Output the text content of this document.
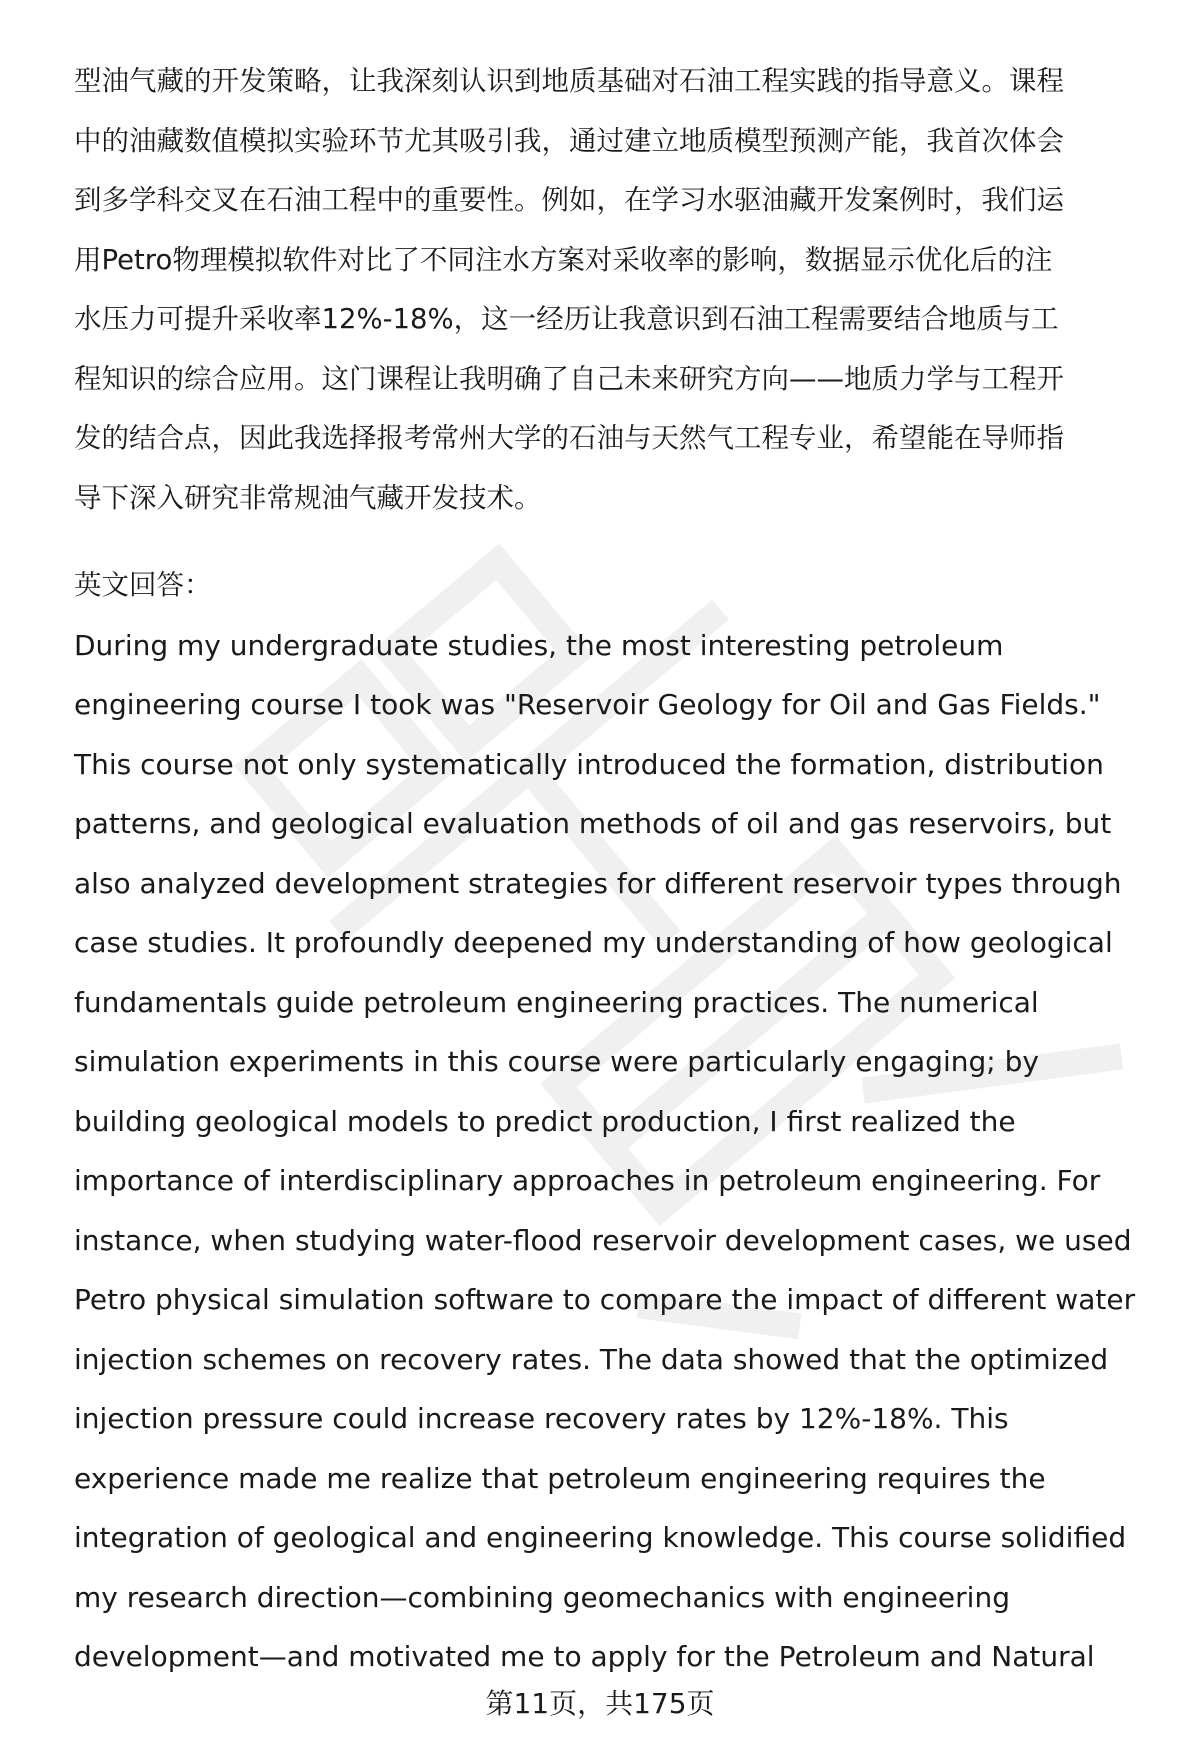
型油气藏的开发策略，让我深刻认识到地质基础对石油工程实践的指导意义。课程
中的油藏数值模拟实验环节尤其吸引我，通过建立地质模型预测产能，我首次体会
到多学科交叉在石油工程中的重要性。例如，在学习水驱油藏开发案例时，我们运
用Petro物理模拟软件对比了不同注水方案对采收率的影响，数据显示优化后的注
水压力可提升采收率12%-18%，这一经历让我意识到石油工程需要结合地质与工
程知识的综合应用。这门课程让我明确了自己未来研究方向——地质力学与工程开
发的结合点，因此我选择报考常州大学的石油与天然气工程专业，希望能在导师指
导下深入研究非常规油气藏开发技术。
英文回答：
During my undergraduate studies, the most interesting petroleum
engineering course I took was "Reservoir Geology for Oil and Gas Fields."
This course not only systematically introduced the formation, distribution
patterns, and geological evaluation methods of oil and gas reservoirs, but
also analyzed development strategies for different reservoir types through
case studies. It profoundly deepened my understanding of how geological
fundamentals guide petroleum engineering practices. The numerical
simulation experiments in this course were particularly engaging; by
building geological models to predict production, I first realized the
importance of interdisciplinary approaches in petroleum engineering. For
instance, when studying water-flood reservoir development cases, we used
Petro physical simulation software to compare the impact of different water
injection schemes on recovery rates. The data showed that the optimized
injection pressure could increase recovery rates by 12%-18%. This
experience made me realize that petroleum engineering requires the
integration of geological and engineering knowledge. This course solidified
my research direction—combining geomechanics with engineering
development—and motivated me to apply for the Petroleum and Natural
第11页，共175页
